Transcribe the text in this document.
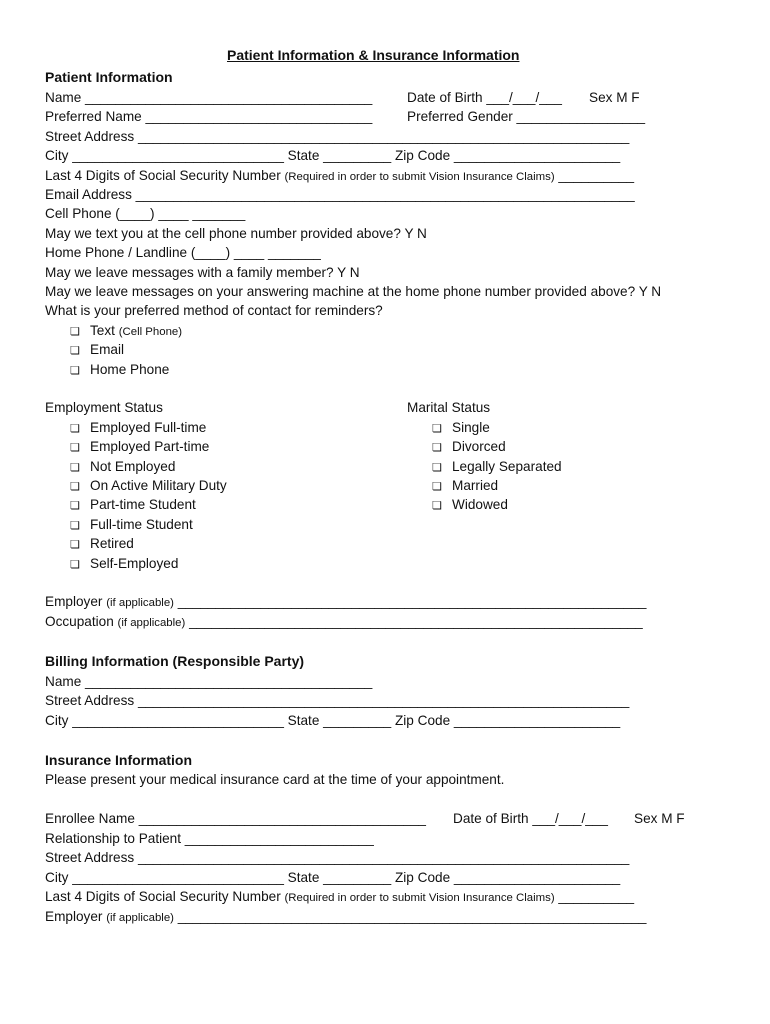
Patient Information & Insurance Information
Patient Information
Name ______________________________________	Date of Birth ___/___/___ Sex M F
Preferred Name ______________________________	Preferred Gender _________________
Street Address _________________________________________________________________
City ____________________________ State _________ Zip Code ______________________
Last 4 Digits of Social Security Number (Required in order to submit Vision Insurance Claims) __________
Email Address __________________________________________________________________
Cell Phone (____) ____ _______
May we text you at the cell phone number provided above? Y N
Home Phone / Landline (____) ____ _______
May we leave messages with a family member? Y N
May we leave messages on your answering machine at the home phone number provided above? Y N
What is your preferred method of contact for reminders?
❏ Text (Cell Phone)
❏ Email
❏ Home Phone
Employment Status
❏ Employed Full-time
❏ Employed Part-time
❏ Not Employed
❏ On Active Military Duty
❏ Part-time Student
❏ Full-time Student
❏ Retired
❏ Self-Employed
Marital Status
❏ Single
❏ Divorced
❏ Legally Separated
❏ Married
❏ Widowed
Employer (if applicable) ______________________________________________________________
Occupation (if applicable) ____________________________________________________________
Billing Information (Responsible Party)
Name ______________________________________
Street Address _________________________________________________________________
City ____________________________ State _________ Zip Code ______________________
Insurance Information
Please present your medical insurance card at the time of your appointment.
Enrollee Name ______________________________________ Date of Birth ___/___/___ Sex M F
Relationship to Patient _________________________
Street Address _________________________________________________________________
City ____________________________ State _________ Zip Code ______________________
Last 4 Digits of Social Security Number (Required in order to submit Vision Insurance Claims) __________
Employer (if applicable) ______________________________________________________________
